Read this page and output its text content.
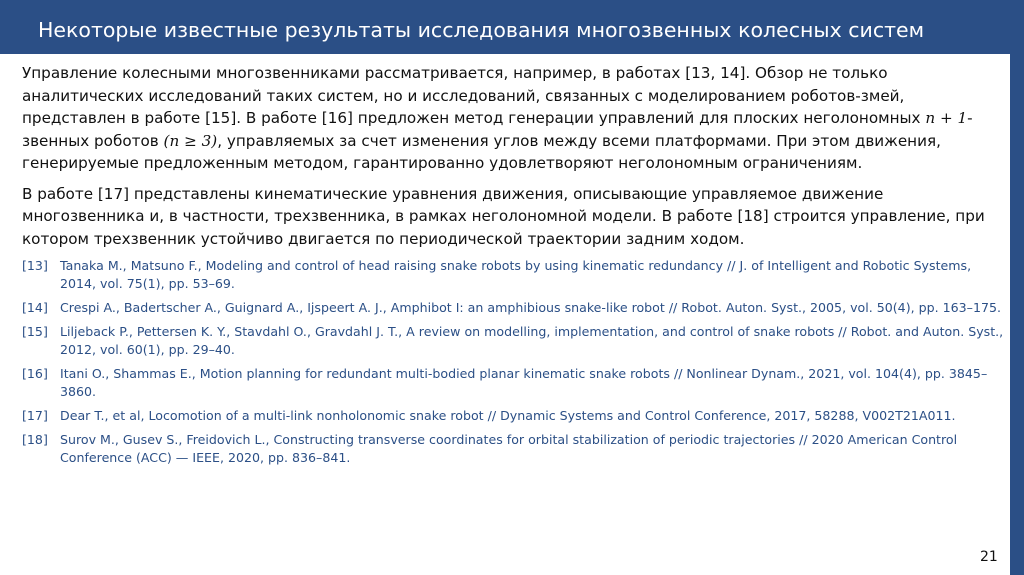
Некоторые известные результаты исследования многозвенных колесных систем

Управление колесными многозвенниками рассматривается, например, в работах [13, 14]. Обзор не только аналитических исследований таких систем, но и исследований, связанных с моделированием роботов-змей, представлен в работе [15]. В работе [16] предложен метод генерации управлений для плоских неголономных n + 1-звенных роботов (n ≥ 3), управляемых за счет изменения углов между всеми платформами. При этом движения, генерируемые предложенным методом, гарантированно удовлетворяют неголономным ограничениям.

В работе [17] представлены кинематические уравнения движения, описывающие управляемое движение многозвенника и, в частности, трехзвенника, в рамках неголономной модели. В работе [18] строится управление, при котором трехзвенник устойчиво двигается по периодической траектории задним ходом.

[13] Tanaka M., Matsuno F., Modeling and control of head raising snake robots by using kinematic redundancy // J. of Intelligent and Robotic Systems, 2014, vol. 75(1), pp. 53–69.
[14] Crespi A., Badertscher A., Guignard A., Ijspeert A. J., Amphibot I: an amphibious snake-like robot // Robot. Auton. Syst., 2005, vol. 50(4), pp. 163–175.
[15] Liljeback P., Pettersen K. Y., Stavdahl O., Gravdahl J. T., A review on modelling, implementation, and control of snake robots // Robot. and Auton. Syst., 2012, vol. 60(1), pp. 29–40.
[16] Itani O., Shammas E., Motion planning for redundant multi-bodied planar kinematic snake robots // Nonlinear Dynam., 2021, vol. 104(4), pp. 3845–3860.
[17] Dear T., et al, Locomotion of a multi-link nonholonomic snake robot // Dynamic Systems and Control Conference, 2017, 58288, V002T21A011.
[18] Surov M., Gusev S., Freidovich L., Constructing transverse coordinates for orbital stabilization of periodic trajectories // 2020 American Control Conference (ACC) — IEEE, 2020, pp. 836–841.
21
